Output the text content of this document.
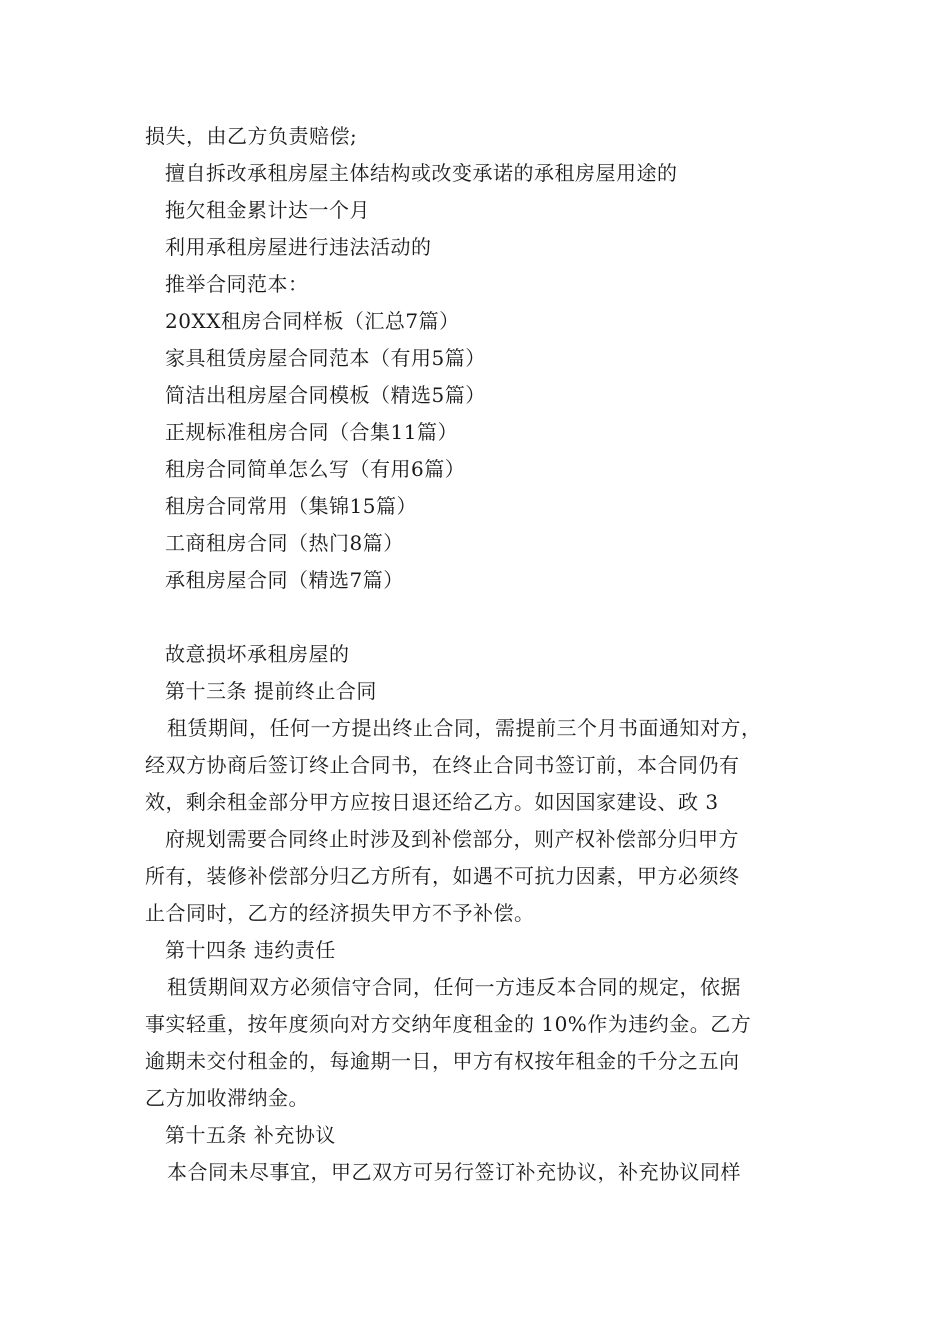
损失，由乙方负责赔偿;
擅自拆改承租房屋主体结构或改变承诺的承租房屋用途的
拖欠租金累计达一个月
利用承租房屋进行违法活动的
推举合同范本：
20XX租房合同样板（汇总7篇）
家具租赁房屋合同范本（有用5篇）
简洁出租房屋合同模板（精选5篇）
正规标准租房合同（合集11篇）
租房合同简单怎么写（有用6篇）
租房合同常用（集锦15篇）
工商租房合同（热门8篇）
承租房屋合同（精选7篇）
故意损坏承租房屋的
第十三条 提前终止合同
租赁期间，任何一方提出终止合同，需提前三个月书面通知对方，
经双方协商后签订终止合同书，在终止合同书签订前，本合同仍有
效，剩余租金部分甲方应按日退还给乙方。如因国家建设、政 3
府规划需要合同终止时涉及到补偿部分，则产权补偿部分归甲方
所有，装修补偿部分归乙方所有，如遇不可抗力因素，甲方必须终
止合同时，乙方的经济损失甲方不予补偿。
第十四条 违约责任
租赁期间双方必须信守合同，任何一方违反本合同的规定，依据
事实轻重，按年度须向对方交纳年度租金的 10%作为违约金。乙方
逾期未交付租金的，每逾期一日，甲方有权按年租金的千分之五向
乙方加收滞纳金。
第十五条 补充协议
本合同未尽事宜，甲乙双方可另行签订补充协议，补充协议同样
